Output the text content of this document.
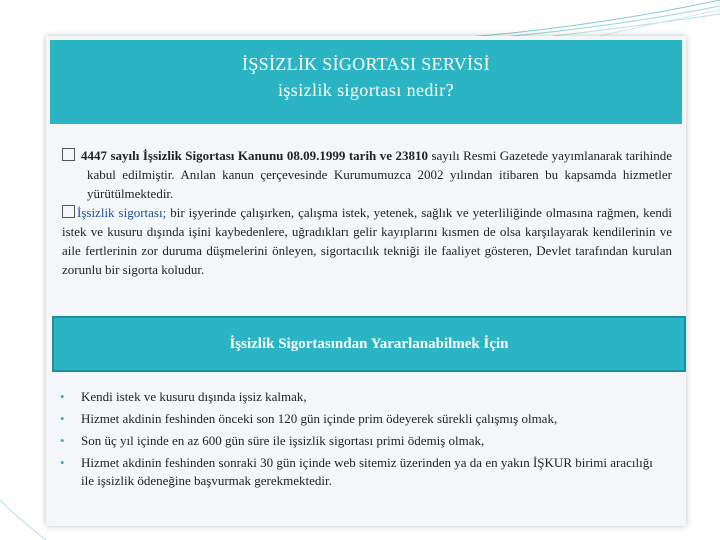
İŞSİZLİK SİGORTASI SERVİSİ
işsizlik sigortası nedir?

4447 sayılı İşsizlik Sigortası Kanunu 08.09.1999 tarih ve 23810 sayılı Resmi Gazetede yayımlanarak tarihinde kabul edilmiştir. Anılan kanun çerçevesinde Kurumumuzca 2002 yılından itibaren bu kapsamda hizmetler yürütülmektedir.

İşsizlik sigortası; bir işyerinde çalışırken, çalışma istek, yetenek, sağlık ve yeterliliğinde olmasına rağmen, kendi istek ve kusuru dışında işini kaybedenlere, uğradıkları gelir kayıplarını kısmen de olsa karşılayarak kendilerinin ve aile fertlerinin zor duruma düşmelerini önleyen, sigortacılık tekniği ile faaliyet gösteren, Devlet tarafından kurulan zorunlu bir sigorta koludur.

İşsizlik Sigortasından Yararlanabilmek İçin
• Kendi istek ve kusuru dışında işsiz kalmak,
• Hizmet akdinin feshinden önceki son 120 gün içinde prim ödeyerek sürekli çalışmış olmak,
• Son üç yıl içinde en az 600 gün süre ile işsizlik sigortası primi ödemiş olmak,
• Hizmet akdinin feshinden sonraki 30 gün içinde web sitemiz üzerinden ya da en yakın İŞKUR birimi aracılığı ile işsizlik ödeneğine başvurmak gerekmektedir.
